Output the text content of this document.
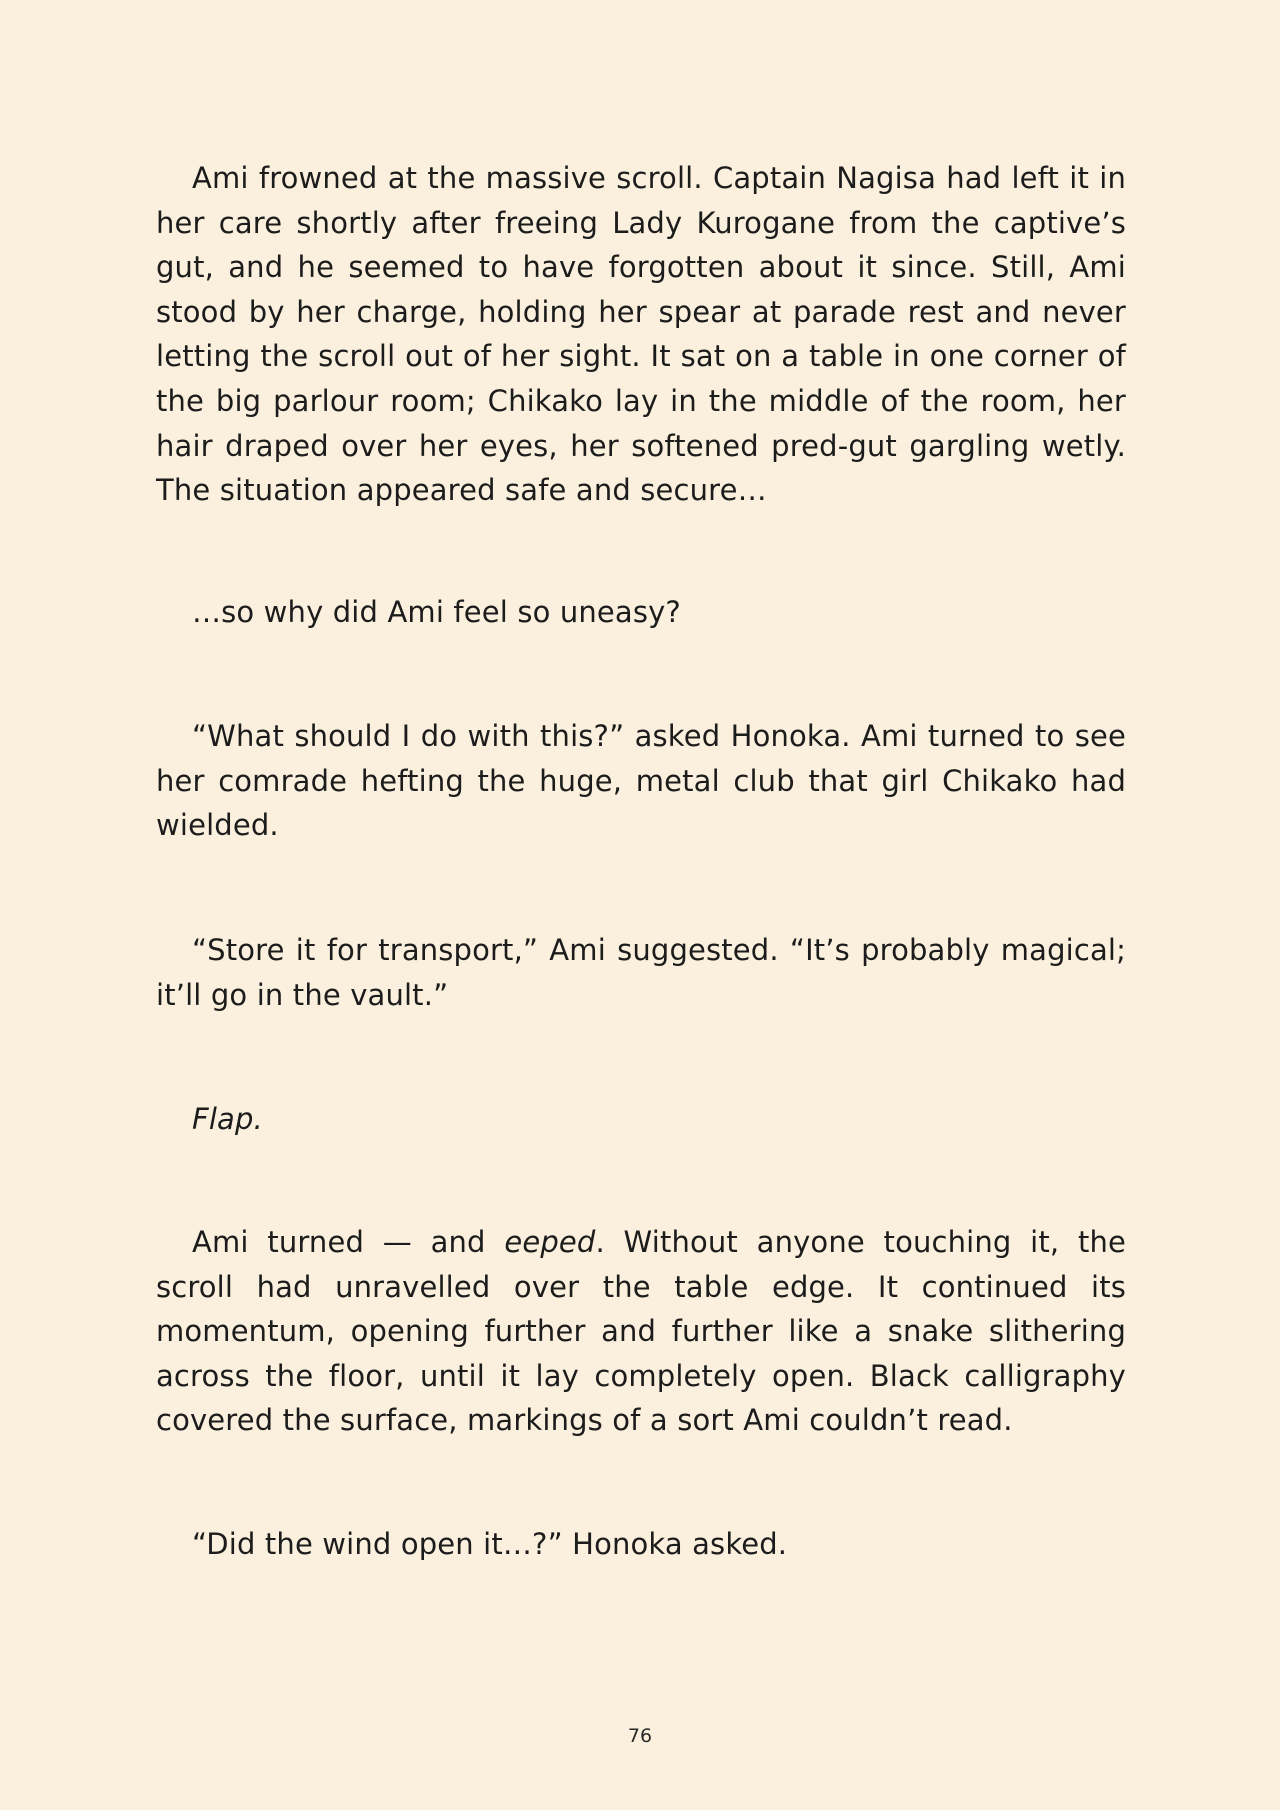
Ami frowned at the massive scroll. Captain Nagisa had left it in her care shortly after freeing Lady Kurogane from the captive’s gut, and he seemed to have forgotten about it since. Still, Ami stood by her charge, holding her spear at parade rest and never letting the scroll out of her sight. It sat on a table in one corner of the big parlour room; Chikako lay in the middle of the room, her hair draped over her eyes, her softened pred-gut gargling wetly. The situation appeared safe and secure…

…so why did Ami feel so uneasy?

“What should I do with this?” asked Honoka. Ami turned to see her comrade hefting the huge, metal club that girl Chikako had wielded.

“Store it for transport,” Ami suggested. “It’s probably magical; it’ll go in the vault.”

Flap.

Ami turned — and eeped. Without anyone touching it, the scroll had unravelled over the table edge. It continued its momentum, opening further and further like a snake slithering across the floor, until it lay completely open. Black calligraphy covered the surface, markings of a sort Ami couldn’t read.

“Did the wind open it…?” Honoka asked.

76
